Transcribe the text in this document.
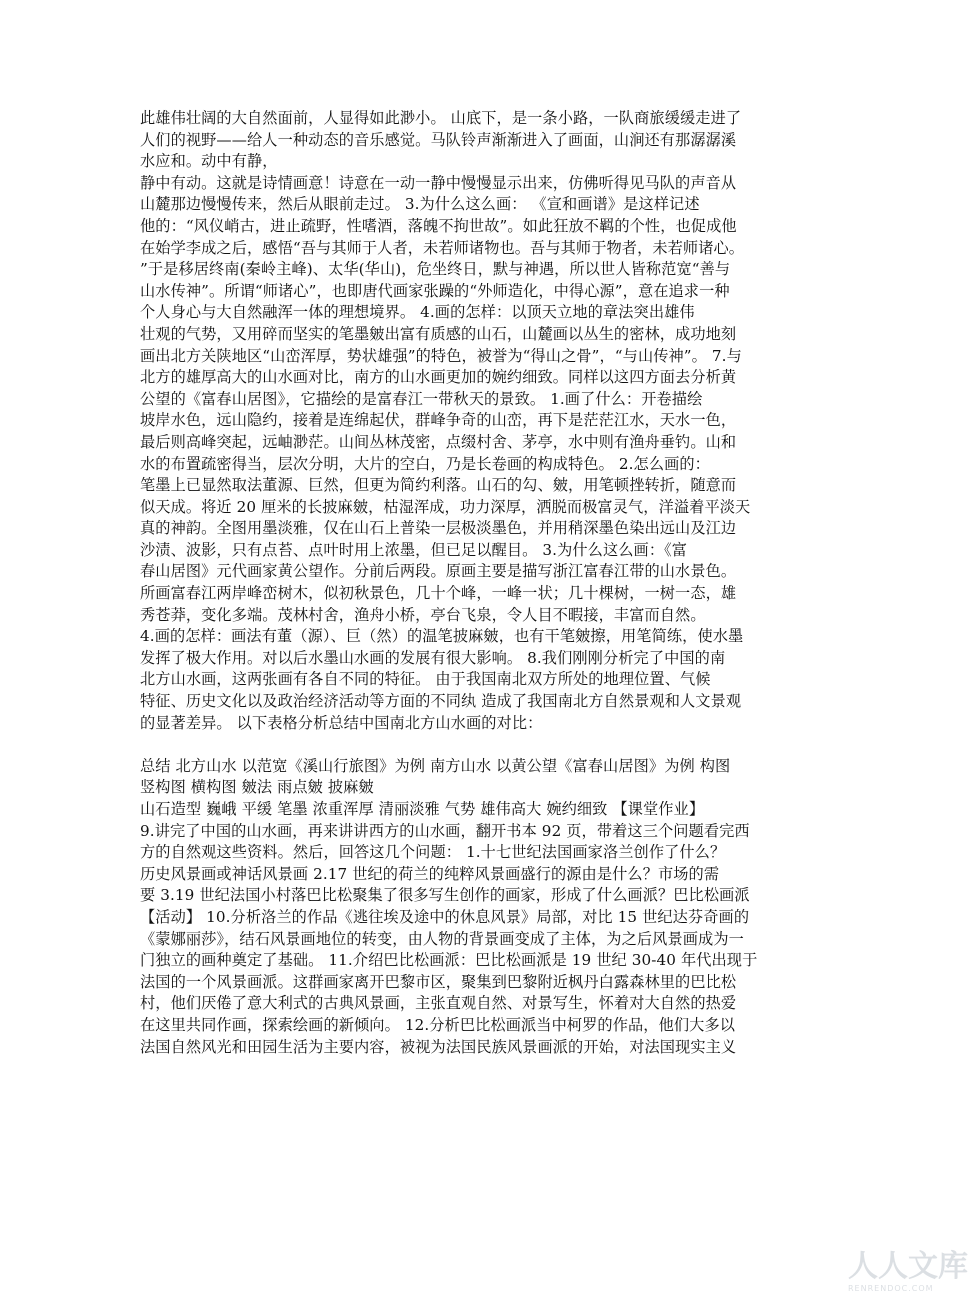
此雄伟壮阔的大自然面前，人显得如此渺小。 山底下，是一条小路，一队商旅缓缓走进了
人们的视野——给人一种动态的音乐感觉。马队铃声渐渐进入了画面，山涧还有那潺潺溪
水应和。动中有静，
静中有动。这就是诗情画意！诗意在一动一静中慢慢显示出来，仿佛听得见马队的声音从
山麓那边慢慢传来，然后从眼前走过。 3.为什么这么画： 《宣和画谱》是这样记述
他的：“风仪峭古，进止疏野，性嗜酒，落魄不拘世故”。如此狂放不羁的个性，也促成他
在始学李成之后，感悟“吾与其师于人者，未若师诸物也。吾与其师于物者，未若师诸心。
”于是移居终南(秦岭主峰)、太华(华山)，危坐终日，默与神遇，所以世人皆称范宽“善与
山水传神”。所谓“师诸心”，也即唐代画家张躁的“外师造化，中得心源”，意在追求一种
个人身心与大自然融浑一体的理想境界。 4.画的怎样：以顶天立地的章法突出雄伟
壮观的气势，又用碎而坚实的笔墨皴出富有质感的山石，山麓画以丛生的密林，成功地刻
画出北方关陕地区“山峦浑厚，势状雄强”的特色，被誉为“得山之骨”，“与山传神”。 7.与
北方的雄厚高大的山水画对比，南方的山水画更加的婉约细致。同样以这四方面去分析黄
公望的《富春山居图》，它描绘的是富春江一带秋天的景致。 1.画了什么：开卷描绘
坡岸水色，远山隐约，接着是连绵起伏，群峰争奇的山峦，再下是茫茫江水，天水一色，
最后则高峰突起，远岫渺茫。山间丛林茂密，点缀村舍、茅亭，水中则有渔舟垂钓。山和
水的布置疏密得当，层次分明，大片的空白，乃是长卷画的构成特色。 2.怎么画的：
笔墨上已显然取法董源、巨然，但更为简约利落。山石的勾、皴，用笔顿挫转折，随意而
似天成。将近 20 厘米的长披麻皴，枯湿浑成，功力深厚，洒脱而极富灵气，洋溢着平淡天
真的神韵。全图用墨淡雅，仅在山石上普染一层极淡墨色，并用稍深墨色染出远山及江边
沙渍、波影，只有点苔、点叶时用上浓墨，但已足以醒目。 3.为什么这么画：《富
春山居图》元代画家黄公望作。分前后两段。原画主要是描写浙江富春江带的山水景色。
所画富春江两岸峰峦树木，似初秋景色，几十个峰，一峰一状；几十棵树，一树一态，雄
秀苍莽，变化多端。茂林村舍，渔舟小桥，亭台飞泉，令人目不暇接，丰富而自然。
4.画的怎样：画法有董（源）、巨（然）的温笔披麻皴，也有干笔皴擦，用笔简练，使水墨
发挥了极大作用。对以后水墨山水画的发展有很大影响。 8.我们刚刚分析完了中国的南
北方山水画，这两张画有各自不同的特征。 由于我国南北双方所处的地理位置、气候
特征、历史文化以及政治经济活动等方面的不同纨 造成了我国南北方自然景观和人文景观
的显著差异。 以下表格分析总结中国南北方山水画的对比：
总结 北方山水 以范宽《溪山行旅图》为例 南方山水 以黄公望《富春山居图》为例 构图
竖构图 横构图 皴法 雨点皴 披麻皴
山石造型 巍峨 平缓 笔墨 浓重浑厚 清丽淡雅 气势 雄伟高大 婉约细致 【课堂作业】
9.讲完了中国的山水画，再来讲讲西方的山水画，翻开书本 92 页，带着这三个问题看完西
方的自然观这些资料。然后，回答这几个问题： 1.十七世纪法国画家洛兰创作了什么？
历史风景画或神话风景画 2.17 世纪的荷兰的纯粹风景画盛行的源由是什么？市场的需
要 3.19 世纪法国小村落巴比松聚集了很多写生创作的画家，形成了什么画派？巴比松画派
【活动】 10.分析洛兰的作品《逃往埃及途中的休息风景》局部，对比 15 世纪达芬奇画的
《蒙娜丽莎》，结石风景画地位的转变，由人物的背景画变成了主体，为之后风景画成为一
门独立的画种奠定了基础。 11.介绍巴比松画派：巴比松画派是 19 世纪 30-40 年代出现于
法国的一个风景画派。这群画家离开巴黎市区，聚集到巴黎附近枫丹白露森林里的巴比松
村，他们厌倦了意大利式的古典风景画，主张直观自然、对景写生，怀着对大自然的热爱
在这里共同作画，探索绘画的新倾向。 12.分析巴比松画派当中柯罗的作品，他们大多以
法国自然风光和田园生活为主要内容，被视为法国民族风景画派的开始，对法国现实主义
人人文库
RENRENDOC.COM
